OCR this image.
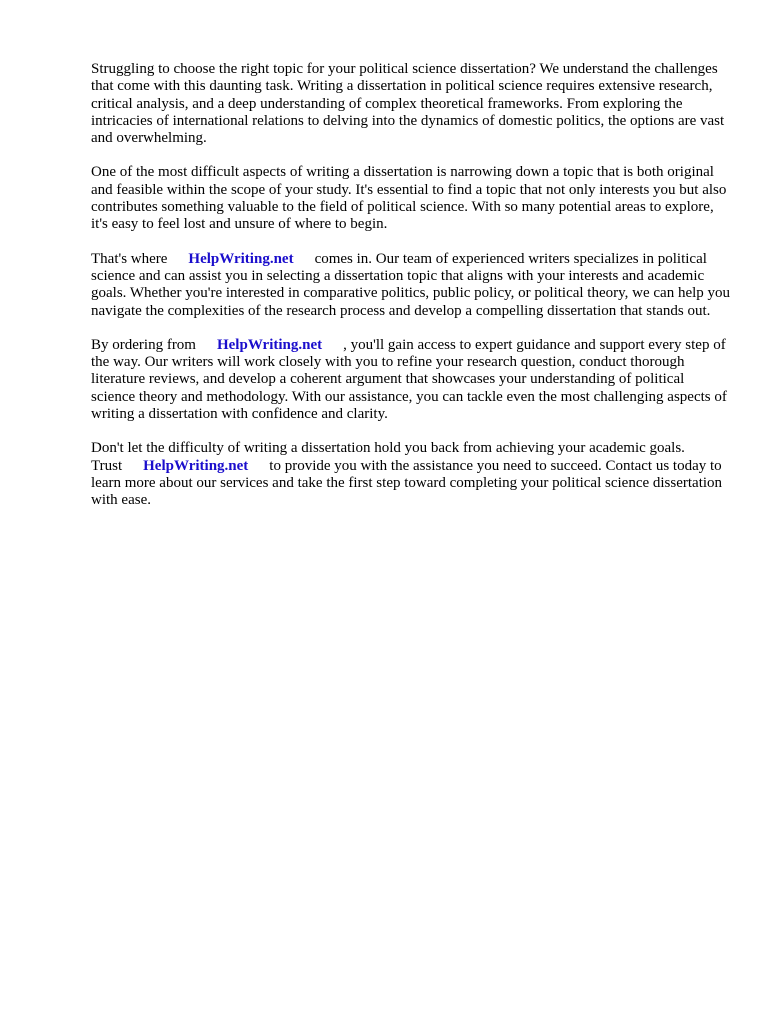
Struggling to choose the right topic for your political science dissertation? We understand the challenges that come with this daunting task. Writing a dissertation in political science requires extensive research, critical analysis, and a deep understanding of complex theoretical frameworks. From exploring the intricacies of international relations to delving into the dynamics of domestic politics, the options are vast and overwhelming.

One of the most difficult aspects of writing a dissertation is narrowing down a topic that is both original and feasible within the scope of your study. It's essential to find a topic that not only interests you but also contributes something valuable to the field of political science. With so many potential areas to explore, it's easy to feel lost and unsure of where to begin.

That's where HelpWriting.net comes in. Our team of experienced writers specializes in political science and can assist you in selecting a dissertation topic that aligns with your interests and academic goals. Whether you're interested in comparative politics, public policy, or political theory, we can help you navigate the complexities of the research process and develop a compelling dissertation that stands out.

By ordering from HelpWriting.net , you'll gain access to expert guidance and support every step of the way. Our writers will work closely with you to refine your research question, conduct thorough literature reviews, and develop a coherent argument that showcases your understanding of political science theory and methodology. With our assistance, you can tackle even the most challenging aspects of writing a dissertation with confidence and clarity.

Don't let the difficulty of writing a dissertation hold you back from achieving your academic goals. Trust HelpWriting.net to provide you with the assistance you need to succeed. Contact us today to learn more about our services and take the first step toward completing your political science dissertation with ease.
